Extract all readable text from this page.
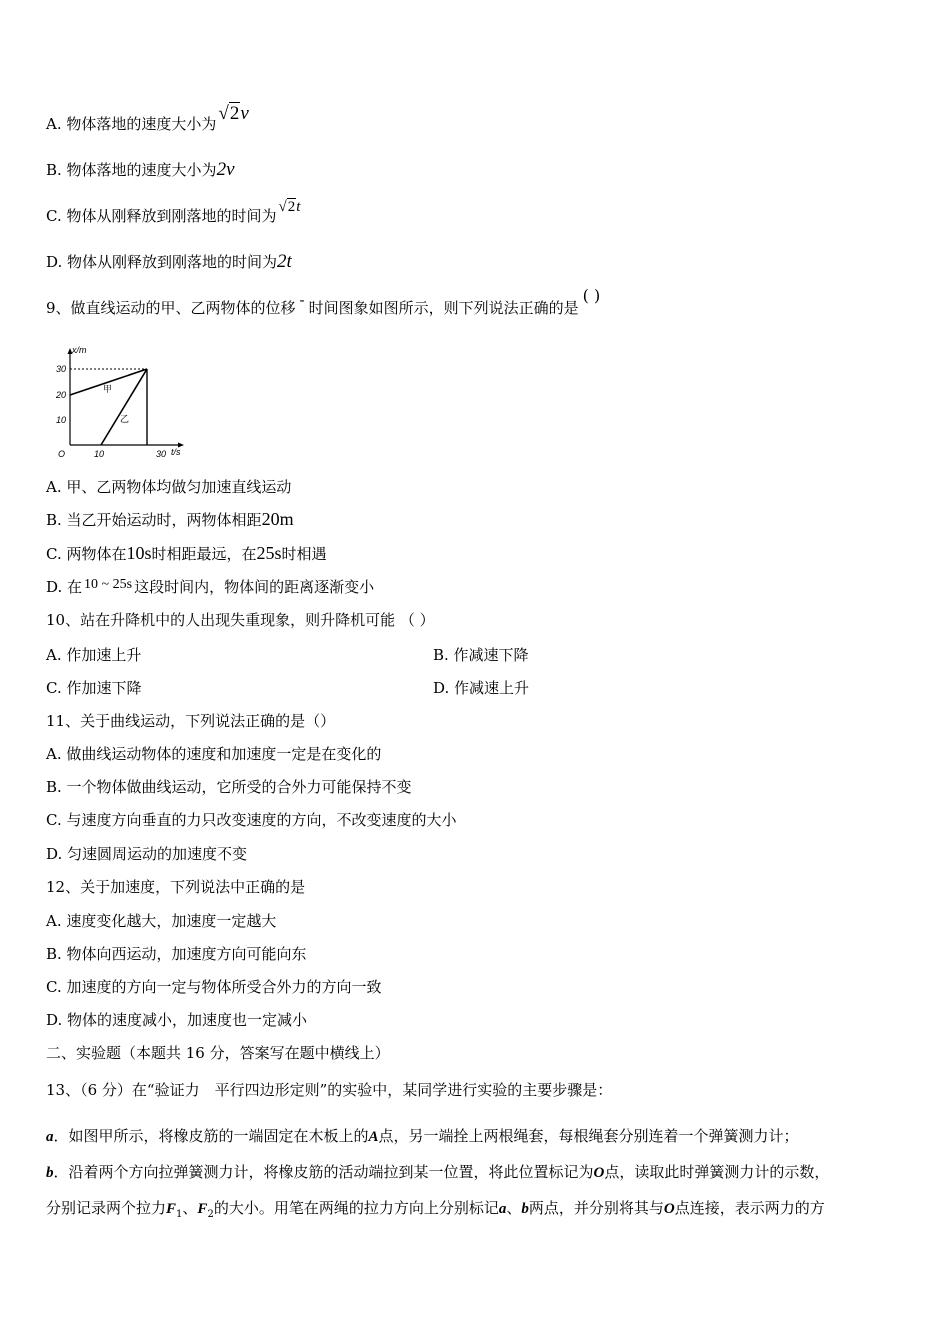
A. 物体落地的速度大小为 √2v
B. 物体落地的速度大小为2v
C. 物体从刚释放到刚落地的时间为 √2t
D. 物体从刚释放到刚落地的时间为2t
9、做直线运动的甲、乙两物体的位移 - 时间图象如图所示，则下列说法正确的是( )
x/m
t/s
O
30
20
10
10	30
甲
乙
A. 甲、乙两物体均做匀加速直线运动
B. 当乙开始运动时，两物体相距20m
C. 两物体在10s时相距最远，在25s时相遇
D. 在 10 ~ 25s 这段时间内，物体间的距离逐渐变小
10、站在升降机中的人出现失重现象，则升降机可能 （ ）
A. 作加速上升	B. 作减速下降
C. 作加速下降	D. 作减速上升
11、关于曲线运动，下列说法正确的是（）
A. 做曲线运动物体的速度和加速度一定是在变化的
B. 一个物体做曲线运动，它所受的合外力可能保持不变
C. 与速度方向垂直的力只改变速度的方向，不改变速度的大小
D. 匀速圆周运动的加速度不变
12、关于加速度，下列说法中正确的是
A. 速度变化越大，加速度一定越大
B. 物体向西运动，加速度方向可能向东
C. 加速度的方向一定与物体所受合外力的方向一致
D. 物体的速度减小，加速度也一定减小
二、实验题（本题共 16 分，答案写在题中横线上）
13、（6 分）在“验证力　平行四边形定则”的实验中，某同学进行实验的主要步骤是：
a．如图甲所示，将橡皮筋的一端固定在木板上的A点，另一端拴上两根绳套，每根绳套分别连着一个弹簧测力计；
b．沿着两个方向拉弹簧测力计，将橡皮筋的活动端拉到某一位置，将此位置标记为O点，读取此时弹簧测力计的示数，
分别记录两个拉力$F_1$、$F_2$的大小。用笔在两绳的拉力方向上分别标记a、b两点，并分别将其与O点连接，表示两力的方
